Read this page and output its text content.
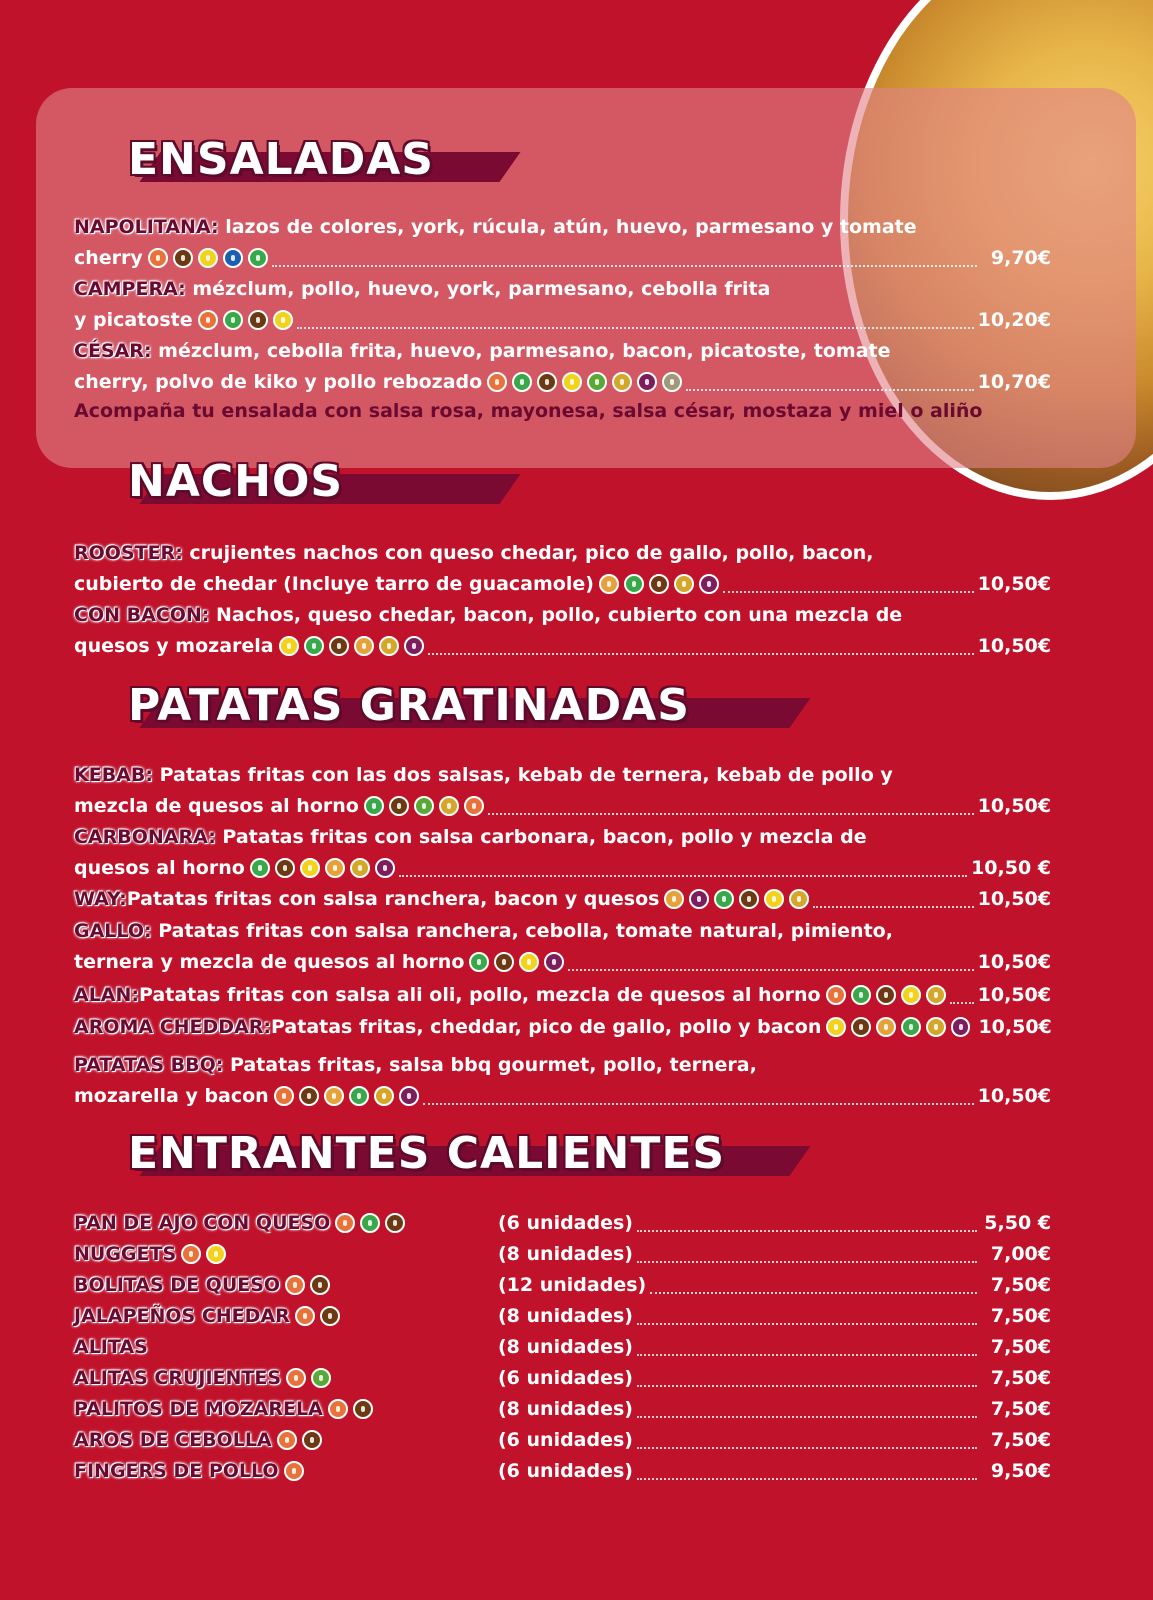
ENSALADAS
NACHOS
PATATAS GRATINADAS
ENTRANTES CALIENTES
NAPOLITANA: lazos de colores, york, rúcula, atún, huevo, parmesano y tomate
cherry	9,70€
CAMPERA: mézclum, pollo, huevo, york, parmesano, cebolla frita
y picatoste	10,20€
CÉSAR: mézclum, cebolla frita, huevo, parmesano, bacon, picatoste, tomate
cherry, polvo de kiko y pollo rebozado	10,70€
Acompaña tu ensalada con salsa rosa, mayonesa, salsa césar, mostaza y miel o aliño
ROOSTER: crujientes nachos con queso chedar, pico de gallo, pollo, bacon,
cubierto de chedar (Incluye tarro de guacamole)	10,50€
CON BACON: Nachos, queso chedar, bacon, pollo, cubierto con una mezcla de
quesos y mozarela	10,50€
KEBAB: Patatas fritas con las dos salsas, kebab de ternera, kebab de pollo y
mezcla de quesos al horno	10,50€
CARBONARA: Patatas fritas con salsa carbonara, bacon, pollo y mezcla de
quesos al horno	10,50 €
WAY: Patatas fritas con salsa ranchera, bacon y quesos	10,50€
GALLO: Patatas fritas con salsa ranchera, cebolla, tomate natural, pimiento,
ternera y mezcla de quesos al horno	10,50€
ALAN: Patatas fritas con salsa ali oli, pollo, mezcla de quesos al horno	10,50€
AROMA CHEDDAR: Patatas fritas, cheddar, pico de gallo, pollo y bacon	10,50€
PATATAS BBQ: Patatas fritas, salsa bbq gourmet, pollo, ternera,
mozarella y bacon	10,50€
PAN DE AJO CON QUESO	(6 unidades)	5,50 €
NUGGETS	(8 unidades)	7,00€
BOLITAS DE QUESO	(12 unidades)	7,50€
JALAPEÑOS CHEDAR	(8 unidades)	7,50€
ALITAS	(8 unidades)	7,50€
ALITAS CRUJIENTES	(6 unidades)	7,50€
PALITOS DE MOZARELA	(8 unidades)	7,50€
AROS DE CEBOLLA	(6 unidades)	7,50€
FINGERS DE POLLO	(6 unidades)	9,50€
